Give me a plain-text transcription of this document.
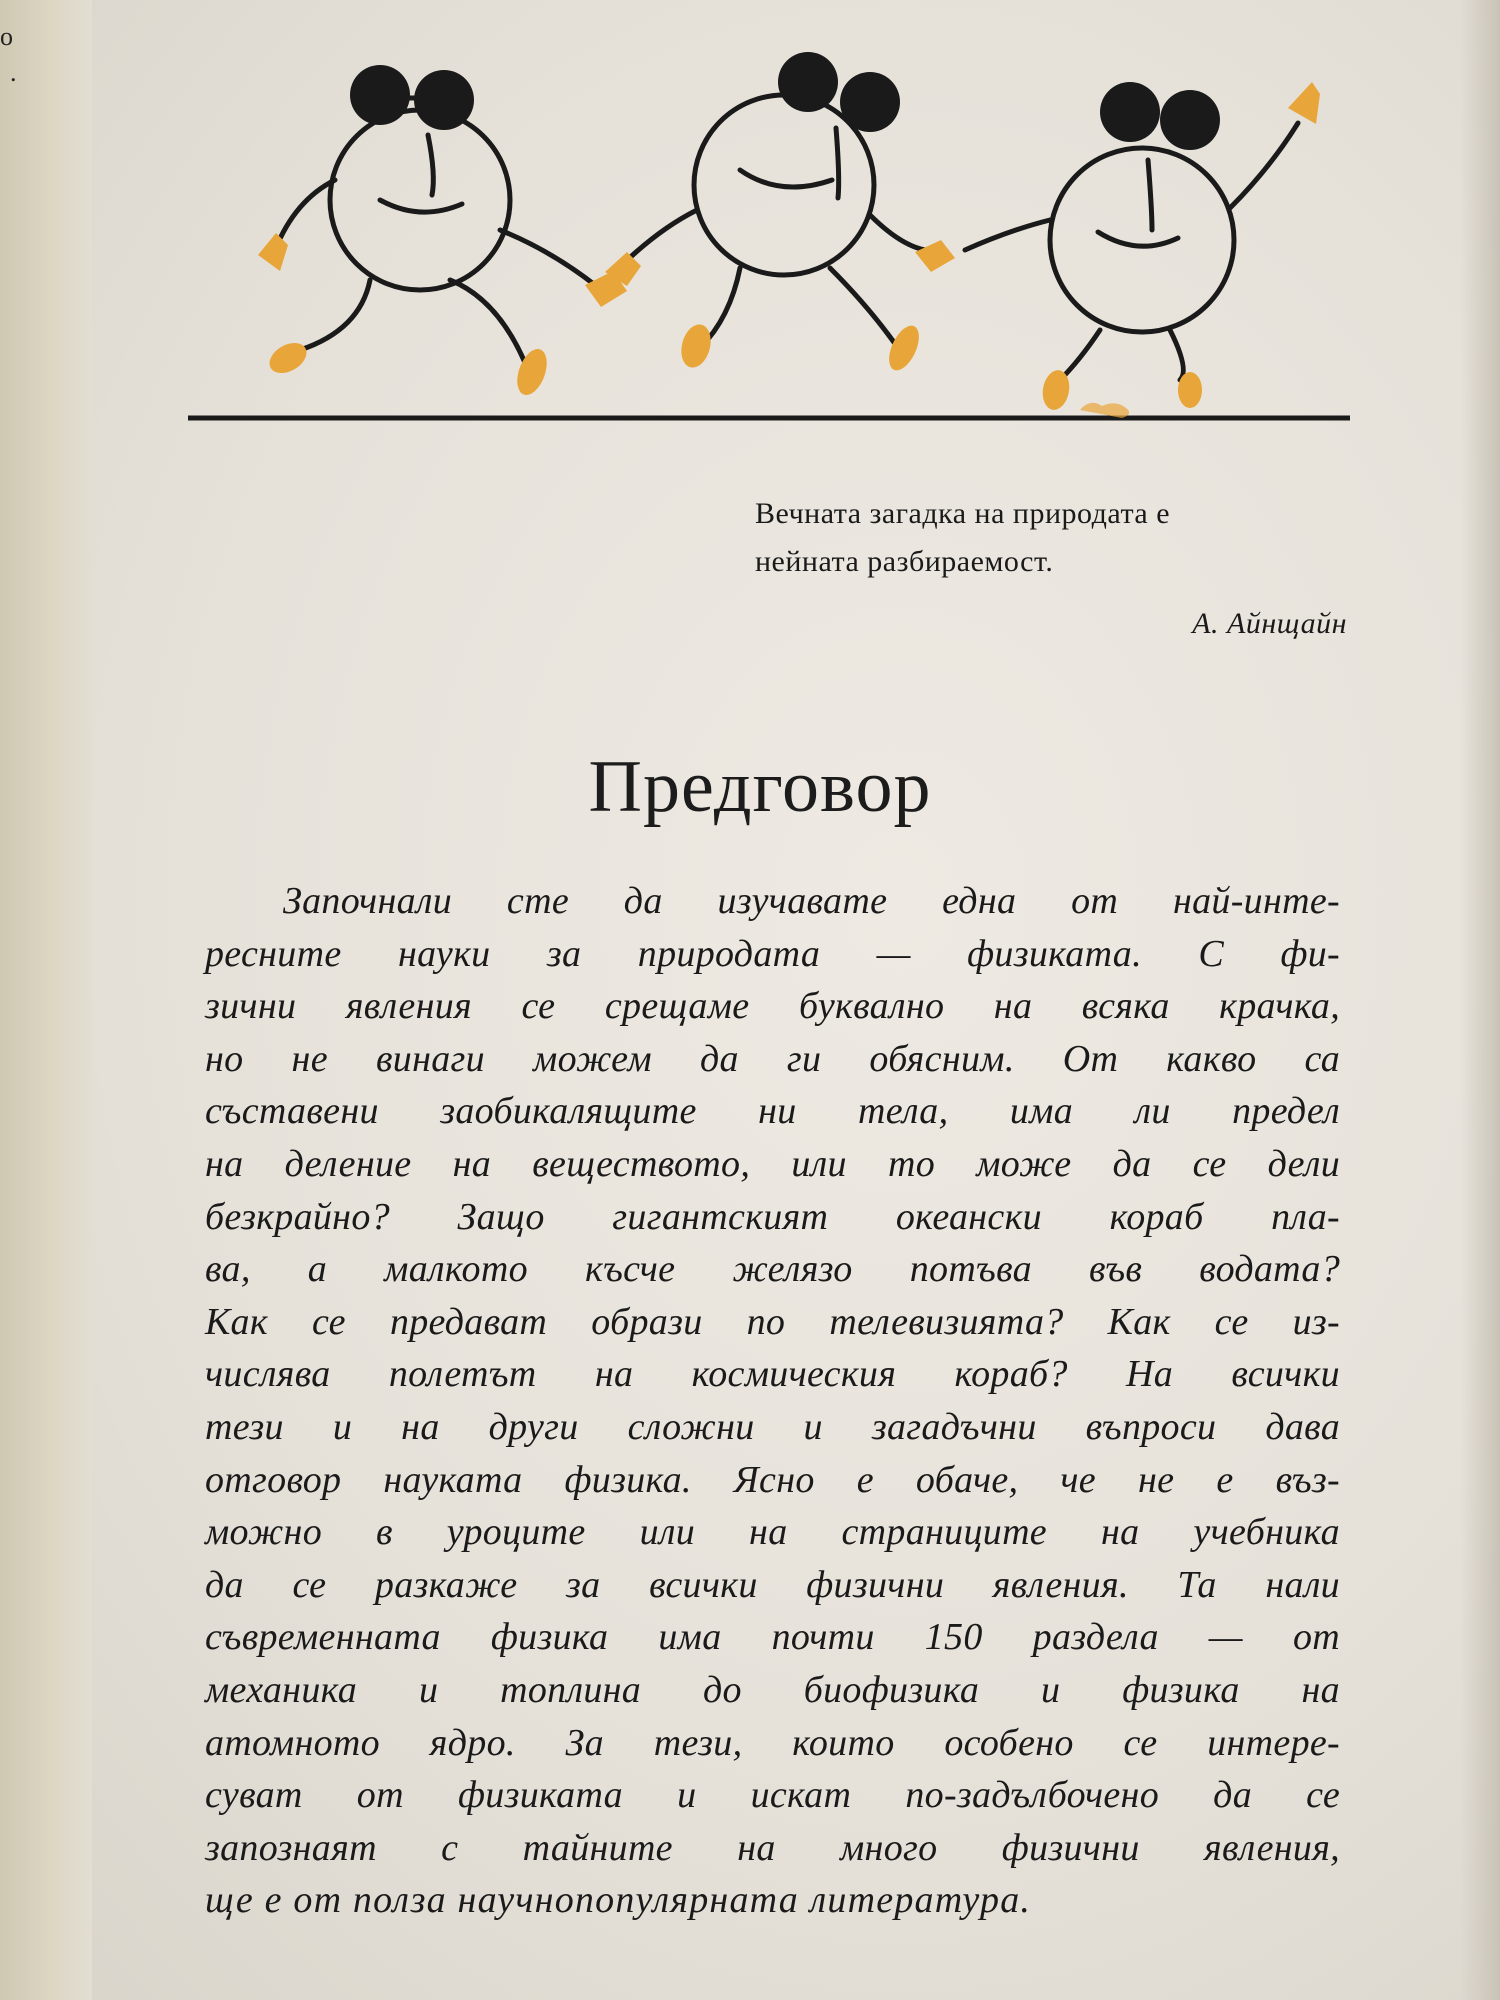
о
.
Вечната загадка на природата е
нейната разбираемост.
А. Айнщайн
Предговор
Започнали сте да изучавате една от най-инте-
ресните науки за природата — физиката. С фи-
зични явления се срещаме буквално на всяка крачка,
но не винаги можем да ги обясним. От какво са
съставени заобикалящите ни тела, има ли предел
на деление на веществото, или то може да се дели
безкрайно? Защо гигантският океански кораб пла-
ва, а малкото късче желязо потъва във водата?
Как се предават образи по телевизията? Как се из-
числява полетът на космическия кораб? На всички
тези и на други сложни и загадъчни въпроси дава
отговор науката физика. Ясно е обаче, че не е въз-
можно в уроците или на страниците на учебника
да се разкаже за всички физични явления. Та нали
съвременната физика има почти 150 раздела — от
механика и топлина до биофизика и физика на
атомното ядро. За тези, които особено се интере-
суват от физиката и искат по-задълбочено да се
запознаят с тайните на много физични явления,
ще е от полза научнопопулярната литература.
